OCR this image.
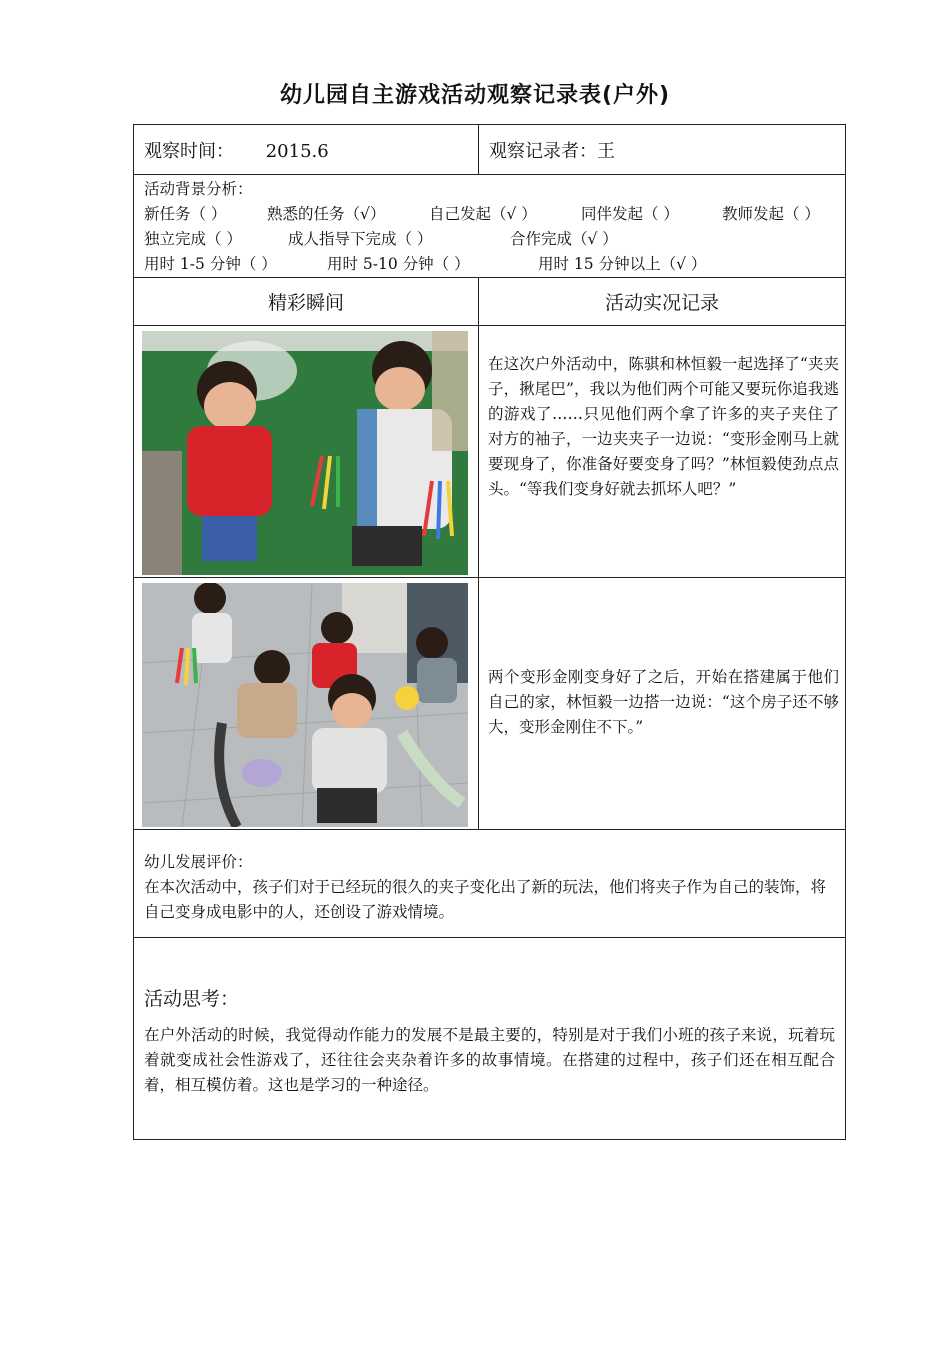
幼儿园自主游戏活动观察记录表(户外)
观察时间： 2015.6	观察记录者：王

活动背景分析：
新任务（ ） 熟悉的任务（√） 自己发起（√ ） 同伴发起（ ） 教师发起（ ）
独立完成（ ） 成人指导下完成（ ） 合作完成（√ ）
用时 1-5 分钟（ ） 用时 5-10 分钟（ ） 用时 15 分钟以上（√ ）	

精彩瞬间	活动实况记录

在这次户外活动中，陈骐和林恒毅一起选择了“夹夹子，揪尾巴”，我以为他们两个可能又要玩你追我逃的游戏了……只见他们两个拿了许多的夹子夹住了对方的袖子，一边夹夹子一边说：“变形金刚马上就要现身了，你准备好要变身了吗？”林恒毅使劲点点头。“等我们变身好就去抓坏人吧？”

两个变形金刚变身好了之后，开始在搭建属于他们自己的家，林恒毅一边搭一边说：“这个房子还不够大，变形金刚住不下。”

幼儿发展评价：
在本次活动中，孩子们对于已经玩的很久的夹子变化出了新的玩法，他们将夹子作为自己的装饰，将自己变身成电影中的人，还创设了游戏情境。	

活动思考：
在户外活动的时候，我觉得动作能力的发展不是最主要的，特别是对于我们小班的孩子来说，玩着玩着就变成社会性游戏了，还往往会夹杂着许多的故事情境。在搭建的过程中，孩子们还在相互配合着，相互模仿着。这也是学习的一种途径。	
